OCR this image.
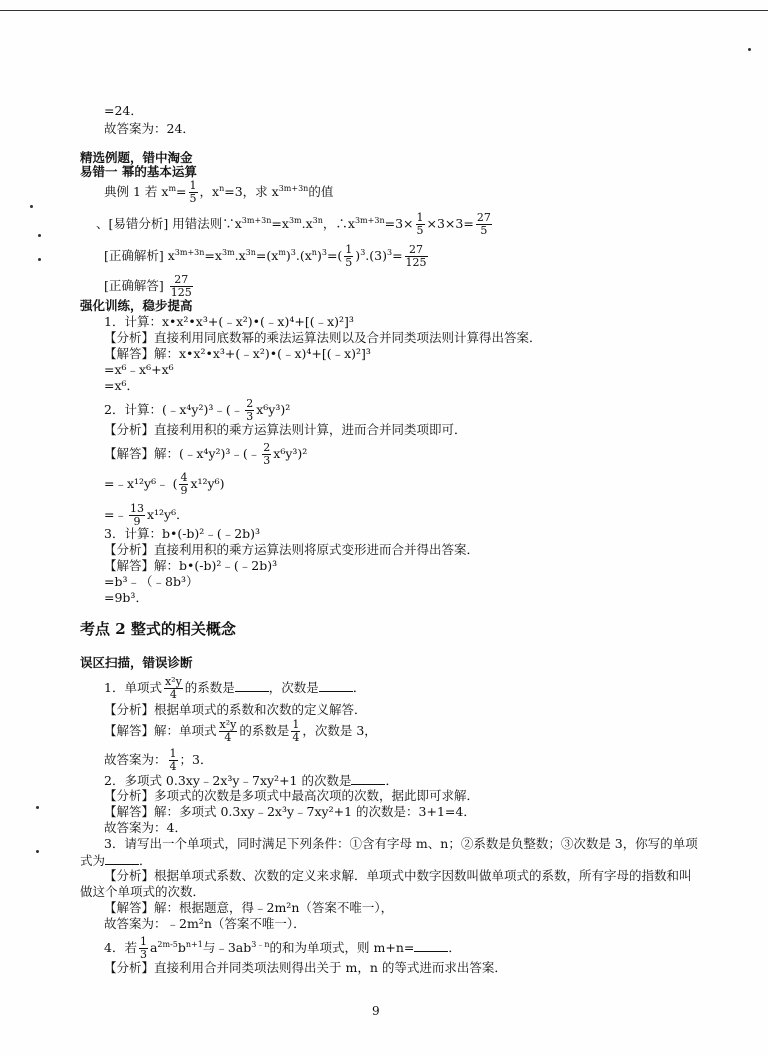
=24．
故答案为：24．
精选例题，错中淘金
易错一 幂的基本运算
典例 1 若 $x^m= \frac{1}{5}$ ，$x^n=3$，求 $x^{3m+3n}$的值
、[易错分析] 用错法则$\because x^{3m+3n}=x^{3m}.x^{3n}$，$\therefore x^{3m+3n}=3\times \frac{1}{5} \times 3\times 3= \frac{27}{5}$
[正确解析] $x^{3m+3n}=x^{3m}.x^{3n}=(x^m)^3.(x^n)^3=( \frac{1}{5} )^3.(3)^3= \frac{27}{125}$
[正确解答] $\frac{27}{125}$
强化训练，稳步提高
1．计算：x•x²•x³+(﹣x²)•(﹣x)⁴+[(﹣x)²]³
【分析】直接利用同底数幂的乘法运算法则以及合并同类项法则计算得出答案．
【解答】解：x•x²•x³+(﹣x²)•(﹣x)⁴+[(﹣x)²]³
=x⁶﹣x⁶+x⁶
=x⁶．
2．计算：(﹣x⁴y²)³﹣(﹣ $\frac{2}{3} x^6y^3)^2$
【分析】直接利用积的乘方运算法则计算，进而合并同类项即可．
【解答】解：(﹣x⁴y²)³﹣(﹣ $\frac{2}{3} x^6y^3)^2$
=﹣x¹²y⁶﹣ ( $\frac{4}{9} x^{12}y^6$)
=﹣ $\frac{13}{9} x^{12}y^6$．
3．计算：b•(-b)²﹣(﹣2b)³
【分析】直接利用积的乘方运算法则将原式变形进而合并得出答案．
【解答】解：b•(-b)²﹣(﹣2b)³
=b³﹣（﹣8b³）
=9b³．
考点 2 整式的相关概念
误区扫描，错误诊断
1．单项式 $\frac{\text{x²y}}{4}$ 的系数是	，次数是	．
【分析】根据单项式的系数和次数的定义解答．
【解答】解：单项式 $\frac{\text{x²y}}{4}$ 的系数是 $\frac{1}{4}$ ，次数是 3，
故答案为： $\frac{1}{4}$ ；3．
2．多项式 0.3xy﹣2x³y﹣7xy²+1 的次数是	．
【分析】多项式的次数是多项式中最高次项的次数，据此即可求解．
【解答】解：多项式 0.3xy﹣2x³y﹣7xy²+1 的次数是：3+1=4．
故答案为：4．
3．请写出一个单项式，同时满足下列条件：①含有字母 m、n；②系数是负整数；③次数是 3，你写的单项
式为	．
【分析】根据单项式系数、次数的定义来求解．单项式中数字因数叫做单项式的系数，所有字母的指数和叫
做这个单项式的次数．
【解答】解：根据题意，得﹣2m²n（答案不唯一），
故答案为：﹣2m²n（答案不唯一）．
4．若 $\frac{1}{3} a^{2m-5}b^{n+1}$与$﹣3ab^{3﹣n}$的和为单项式，则 m+n=	．
【分析】直接利用合并同类项法则得出关于 m，n 的等式进而求出答案．
9
